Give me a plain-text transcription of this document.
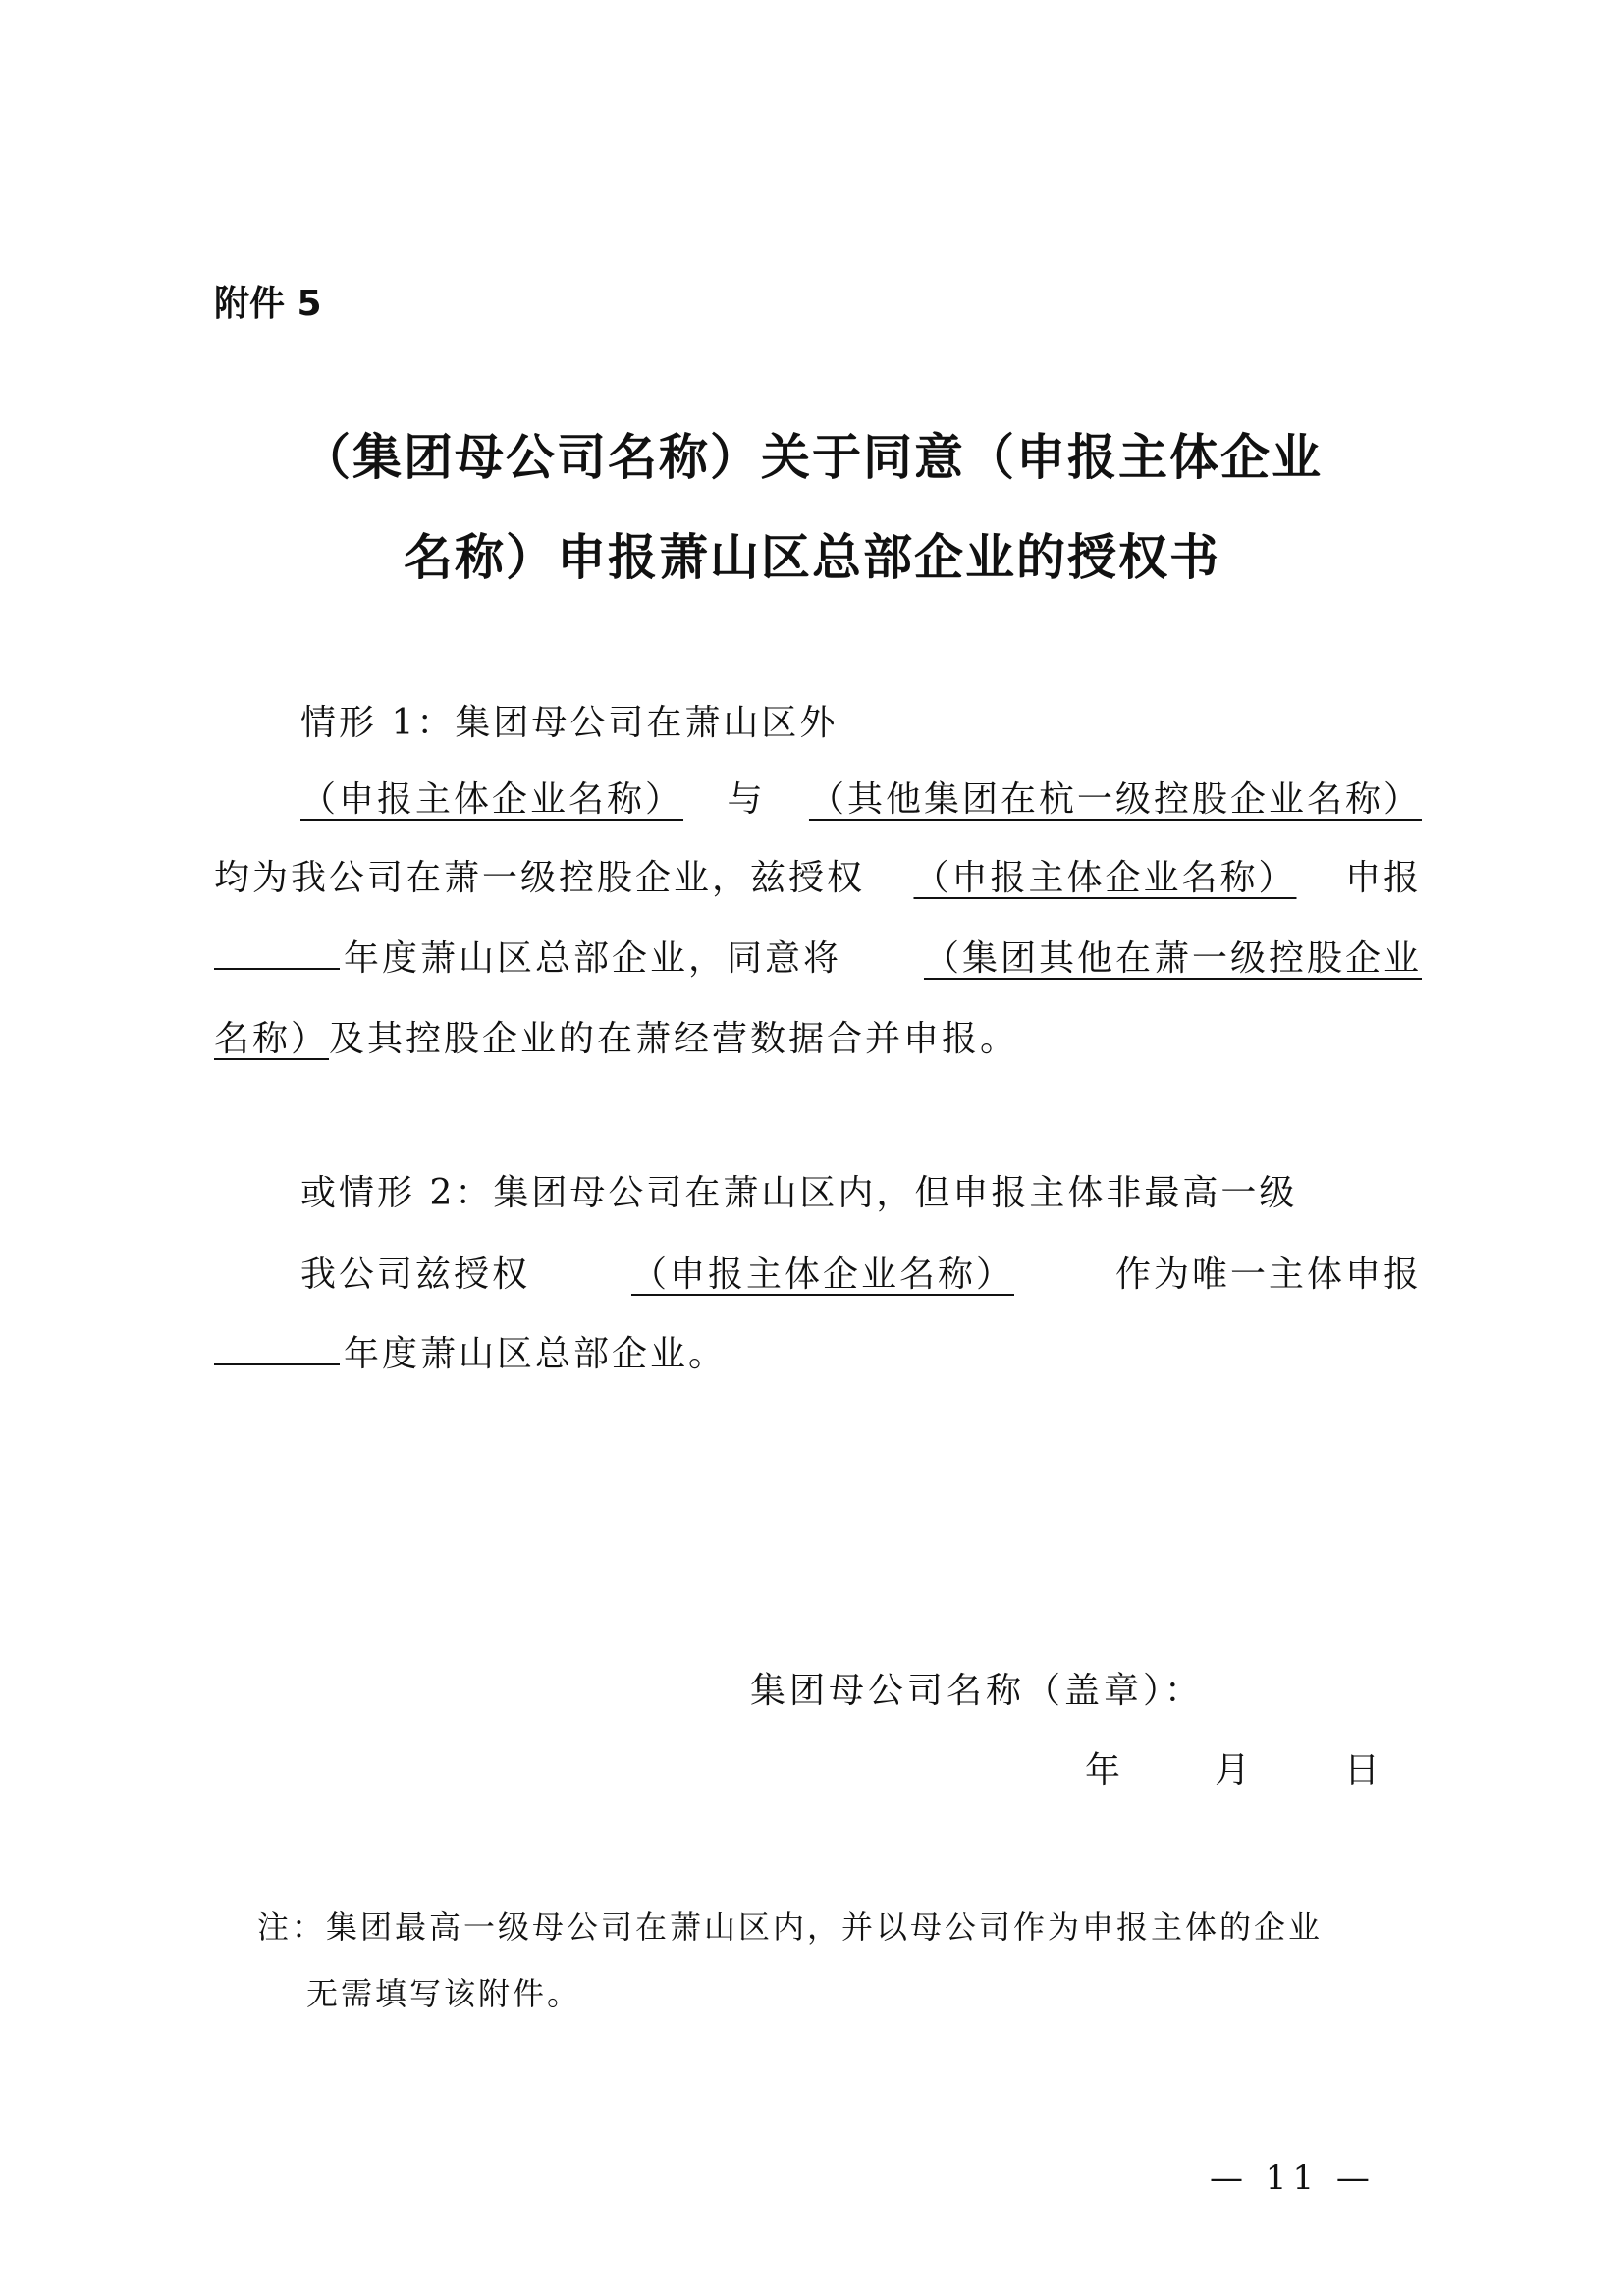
附件 5
（集团母公司名称）关于同意（申报主体企业
名称）申报萧山区总部企业的授权书
情形 1：集团母公司在萧山区外
（申报主体企业名称） 与 （其他集团在杭一级控股企业名称）
均为我公司在萧一级控股企业，兹授权 （申报主体企业名称） 申报
年度萧山区总部企业，同意将 （集团其他在萧一级控股企业
名称） 及其控股企业的在萧经营数据合并申报。
或情形 2：集团母公司在萧山区内，但申报主体非最高一级
我公司兹授权	（申报主体企业名称）	作为唯一主体申报
年度萧山区总部企业。
集团母公司名称（盖章）：
年	月	日
注：集团最高一级母公司在萧山区内，并以母公司作为申报主体的企业
无需填写该附件。
— 11 —
